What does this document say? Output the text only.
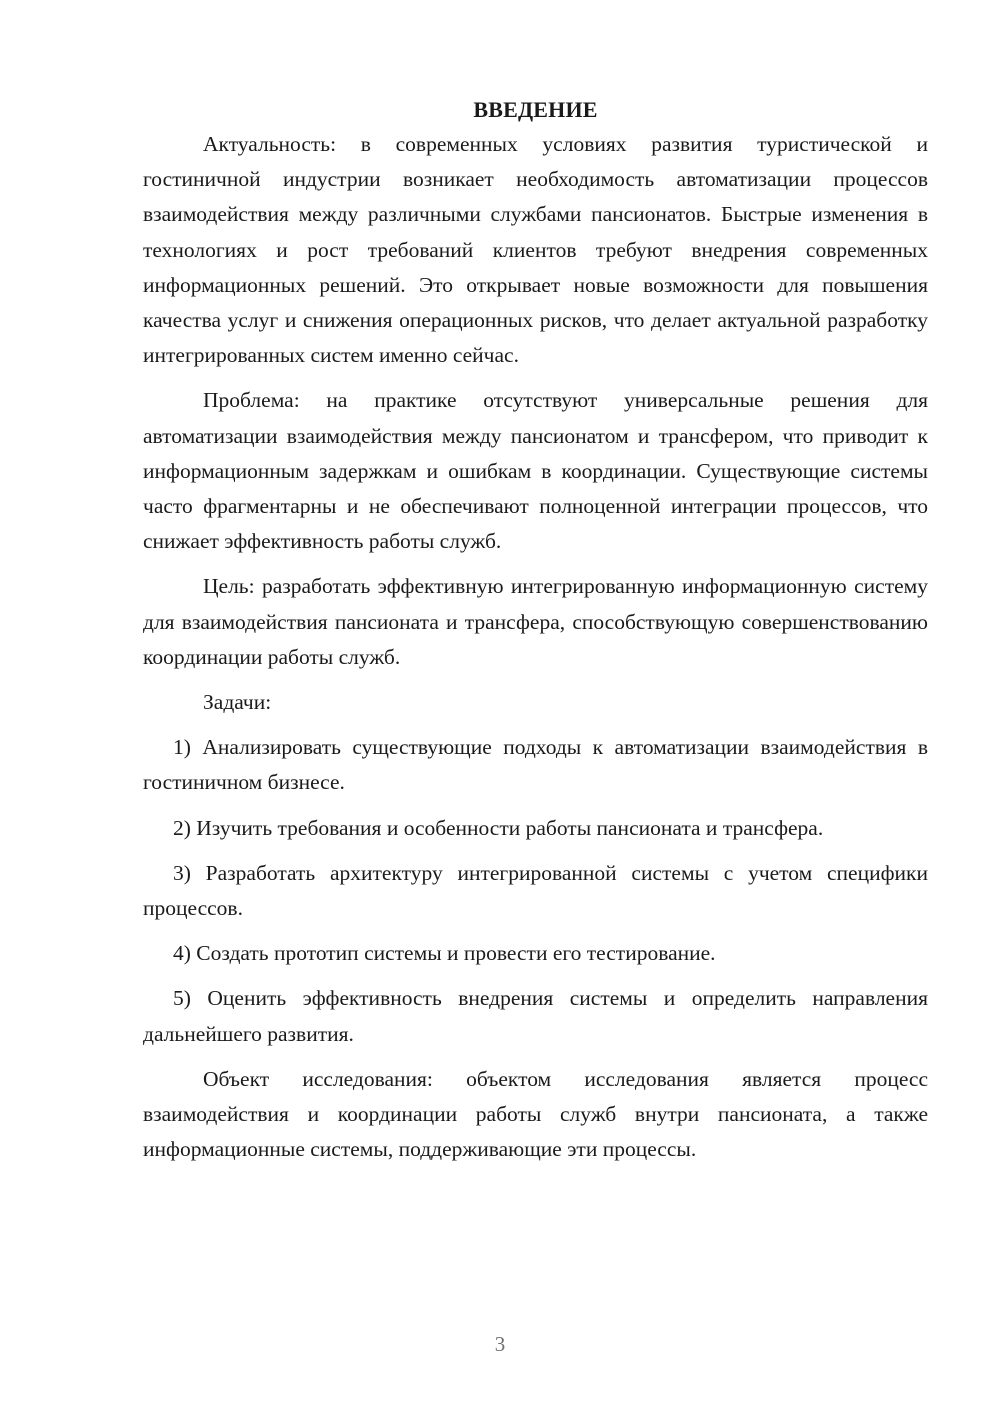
ВВЕДЕНИЕ

Актуальность: в современных условиях развития туристической и гостиничной индустрии возникает необходимость автоматизации процессов взаимодействия между различными службами пансионатов. Быстрые изменения в технологиях и рост требований клиентов требуют внедрения современных информационных решений. Это открывает новые возможности для повышения качества услуг и снижения операционных рисков, что делает актуальной разработку интегрированных систем именно сейчас.

Проблема: на практике отсутствуют универсальные решения для автоматизации взаимодействия между пансионатом и трансфером, что приводит к информационным задержкам и ошибкам в координации. Существующие системы часто фрагментарны и не обеспечивают полноценной интеграции процессов, что снижает эффективность работы служб.

Цель: разработать эффективную интегрированную информационную систему для взаимодействия пансионата и трансфера, способствующую совершенствованию координации работы служб.

Задачи:

1) Анализировать существующие подходы к автоматизации взаимодействия в гостиничном бизнесе.

2) Изучить требования и особенности работы пансионата и трансфера.

3) Разработать архитектуру интегрированной системы с учетом специфики процессов.

4) Создать прототип системы и провести его тестирование.

5) Оценить эффективность внедрения системы и определить направления дальнейшего развития.

Объект исследования: объектом исследования является процесс взаимодействия и координации работы служб внутри пансионата, а также информационные системы, поддерживающие эти процессы.

3
